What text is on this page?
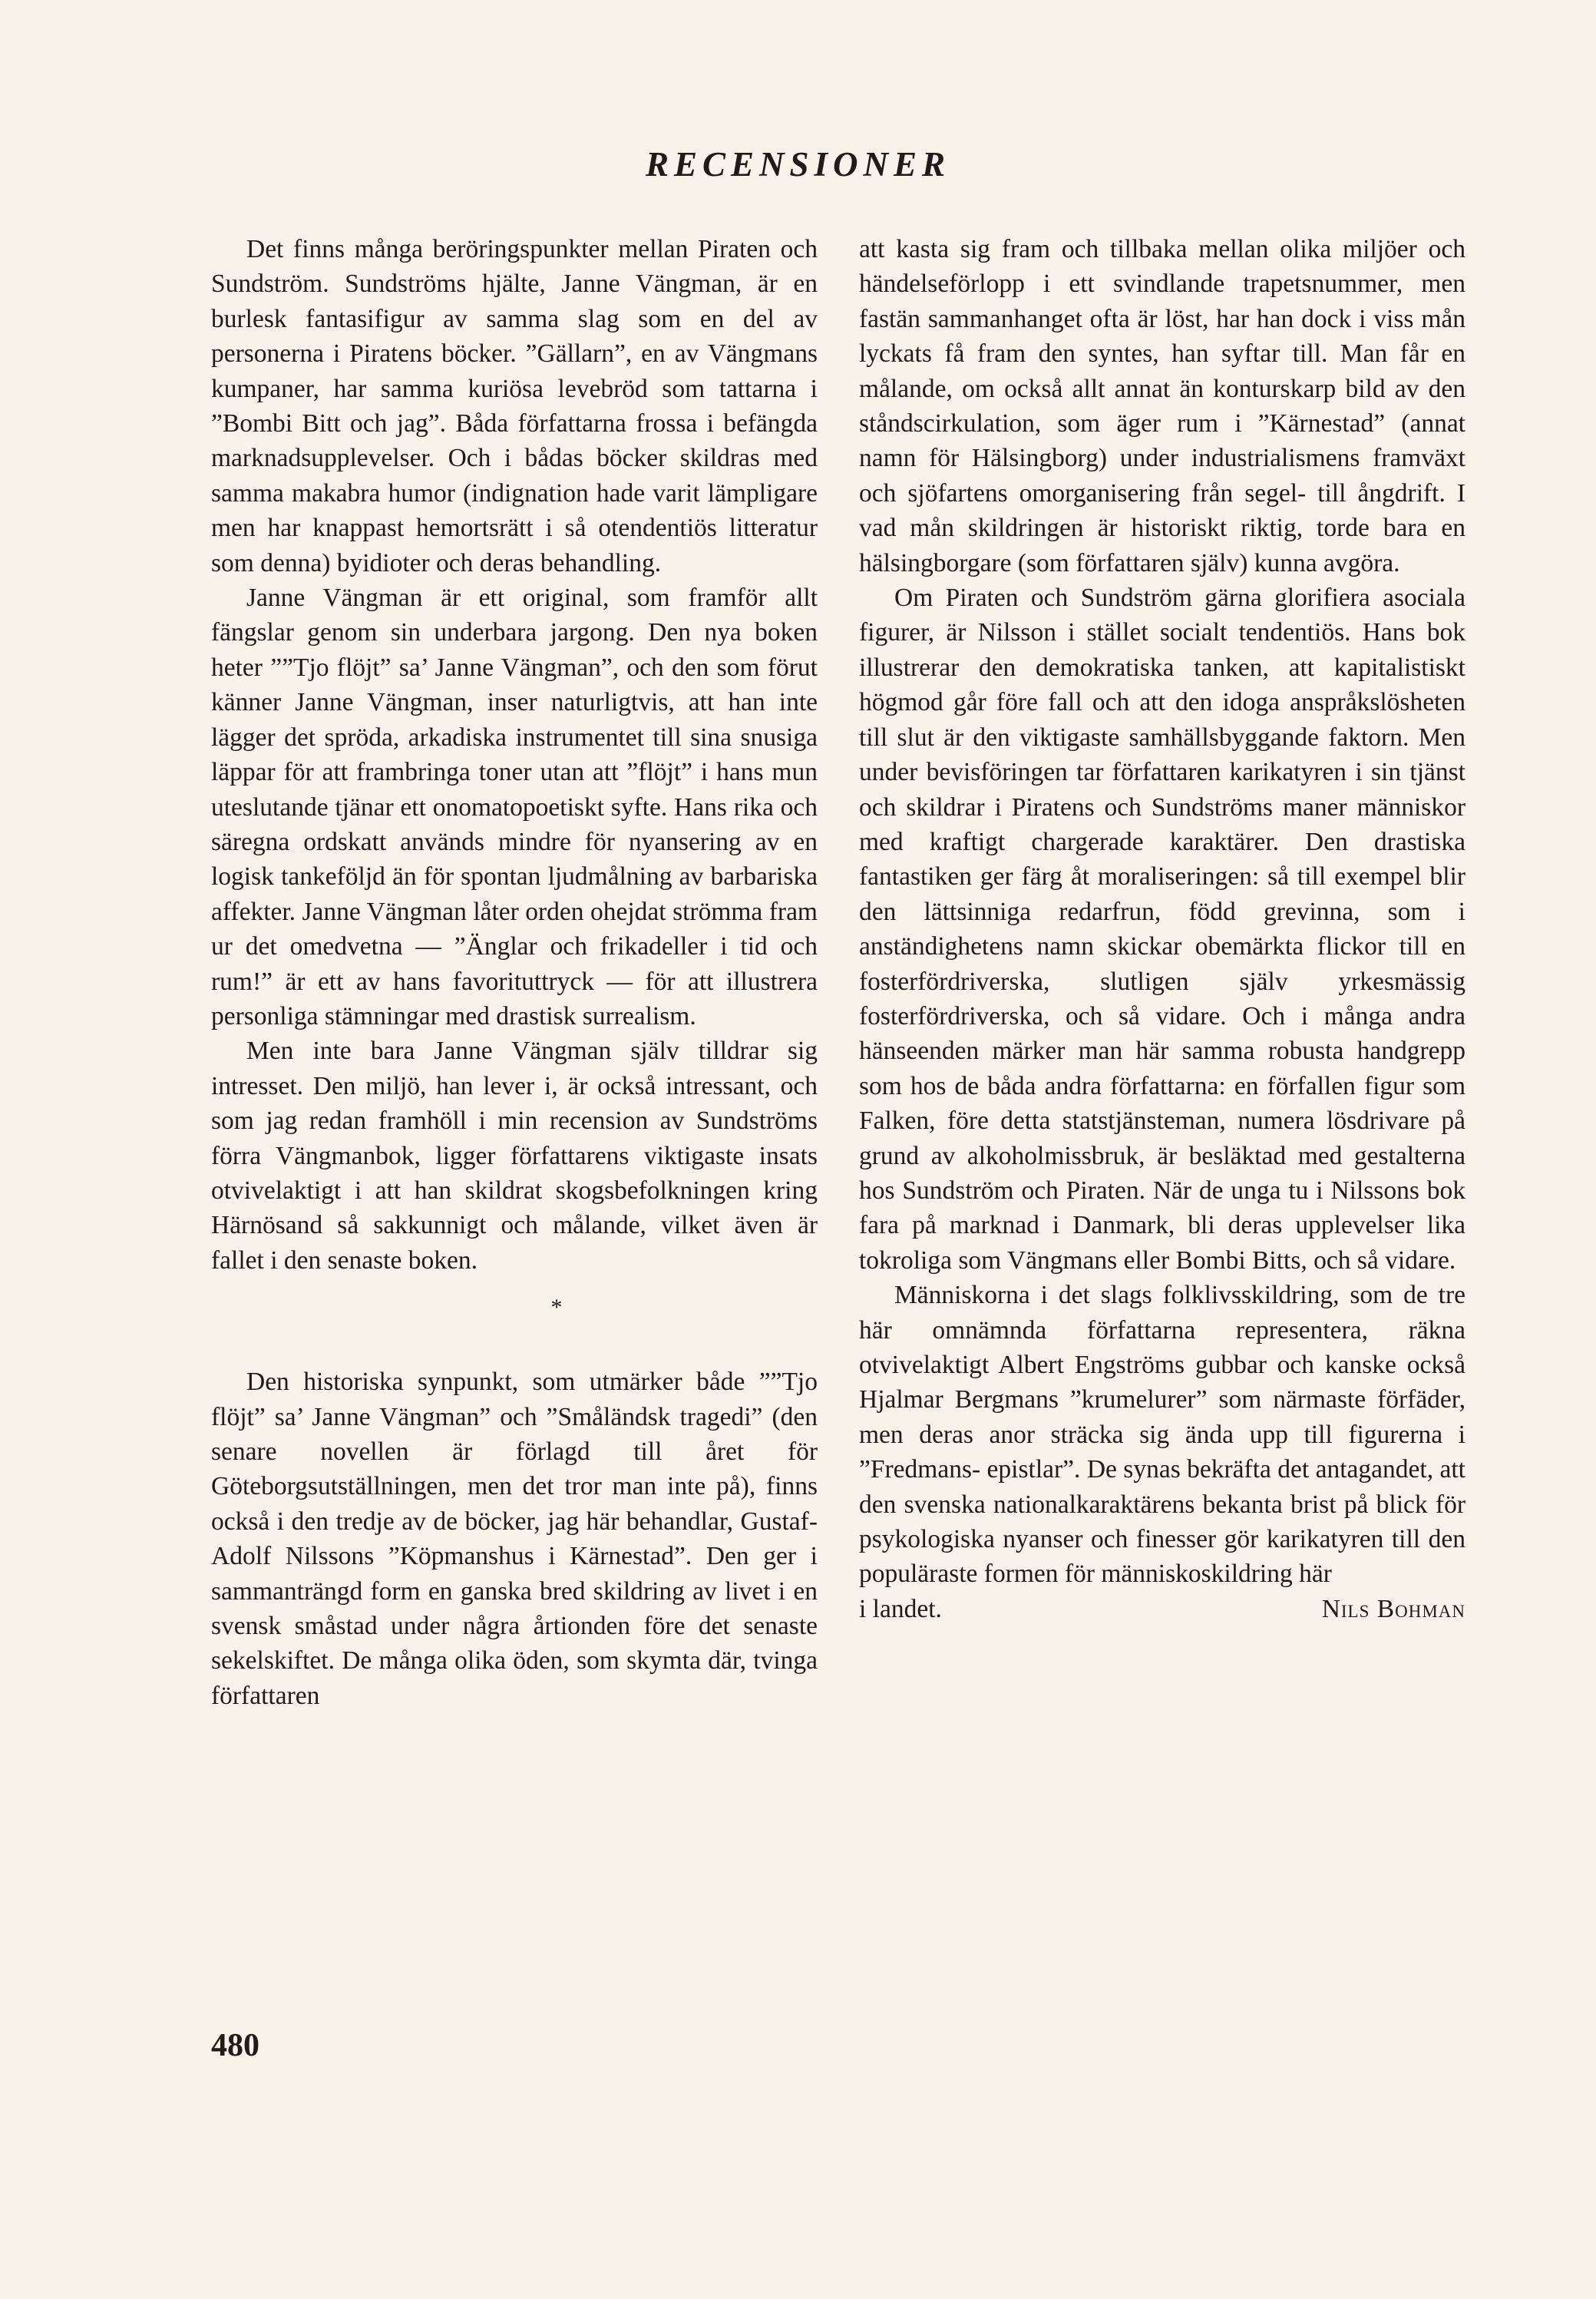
RECENSIONER

Det finns många beröringspunkter mellan Piraten och Sundström. Sundströms hjälte, Janne Vängman, är en burlesk fantasifigur av samma slag som en del av personerna i Piratens böcker. ”Gällarn”, en av Vängmans kumpaner, har samma kuriösa levebröd som tattarna i ”Bombi Bitt och jag”. Båda författarna frossa i befängda marknadsupplevelser. Och i bådas böcker skildras med samma makabra humor (indignation hade varit lämpligare men har knappast hemortsrätt i så otendentiös litteratur som denna) byidioter och deras behandling.

Janne Vängman är ett original, som framför allt fängslar genom sin underbara jargong. Den nya boken heter ””Tjo flöjt” sa’ Janne Vängman”, och den som förut känner Janne Vängman, inser naturligtvis, att han inte lägger det spröda, arkadiska instrumentet till sina snusiga läppar för att frambringa toner utan att ”flöjt” i hans mun uteslutande tjänar ett onomatopoetiskt syfte. Hans rika och säregna ordskatt används mindre för nyansering av en logisk tankeföljd än för spontan ljudmålning av barbariska affekter. Janne Vängman låter orden ohejdat strömma fram ur det omedvetna — ”Änglar och frikadeller i tid och rum!” är ett av hans favorituttryck — för att illustrera personliga stämningar med drastisk surrealism.

Men inte bara Janne Vängman själv tilldrar sig intresset. Den miljö, han lever i, är också intressant, och som jag redan framhöll i min recension av Sundströms förra Vängmanbok, ligger författarens viktigaste insats otvivelaktigt i att han skildrat skogsbefolkningen kring Härnösand så sakkunnigt och målande, vilket även är fallet i den senaste boken.

*

Den historiska synpunkt, som utmärker både ””Tjo flöjt” sa’ Janne Vängman” och ”Småländsk tragedi” (den senare novellen är förlagd till året för Göteborgsutställningen, men det tror man inte på), finns också i den tredje av de böcker, jag här behandlar, Gustaf-Adolf Nilssons ”Köpmanshus i Kärnestad”. Den ger i sammanträngd form en ganska bred skildring av livet i en svensk småstad under några årtionden före det senaste sekelskiftet. De många olika öden, som skymta där, tvinga författaren

att kasta sig fram och tillbaka mellan olika miljöer och händelseförlopp i ett svindlande trapetsnummer, men fastän sammanhanget ofta är löst, har han dock i viss mån lyckats få fram den syntes, han syftar till. Man får en målande, om också allt annat än konturskarp bild av den ståndscirkulation, som äger rum i ”Kärnestad” (annat namn för Hälsingborg) under industrialismens framväxt och sjöfartens omorganisering från segel- till ångdrift. I vad mån skildringen är historiskt riktig, torde bara en hälsingborgare (som författaren själv) kunna avgöra.

Om Piraten och Sundström gärna glorifiera asociala figurer, är Nilsson i stället socialt tendentiös. Hans bok illustrerar den demokratiska tanken, att kapitalistiskt högmod går före fall och att den idoga anspråkslösheten till slut är den viktigaste samhällsbyggande faktorn. Men under bevisföringen tar författaren karikatyren i sin tjänst och skildrar i Piratens och Sundströms maner människor med kraftigt chargerade karaktärer. Den drastiska fantastiken ger färg åt moraliseringen: så till exempel blir den lättsinniga redarfrun, född grevinna, som i anständighetens namn skickar obemärkta flickor till en fosterfördriverska, slutligen själv yrkesmässig fosterfördriverska, och så vidare. Och i många andra hänseenden märker man här samma robusta handgrepp som hos de båda andra författarna: en förfallen figur som Falken, före detta statstjänsteman, numera lösdrivare på grund av alkoholmissbruk, är besläktad med gestalterna hos Sundström och Piraten. När de unga tu i Nilssons bok fara på marknad i Danmark, bli deras upplevelser lika tokroliga som Vängmans eller Bombi Bitts, och så vidare.

Människorna i det slags folklivsskildring, som de tre här omnämnda författarna representera, räkna otvivelaktigt Albert Engströms gubbar och kanske också Hjalmar Bergmans ”krumelurer” som närmaste förfäder, men deras anor sträcka sig ända upp till figurerna i ”Fredmans- epistlar”. De synas bekräfta det antagandet, att den svenska nationalkaraktärens bekanta brist på blick för psykologiska nyanser och finesser gör karikatyren till den populäraste formen för människoskildring här

Nils Bohman
i landet.

480
